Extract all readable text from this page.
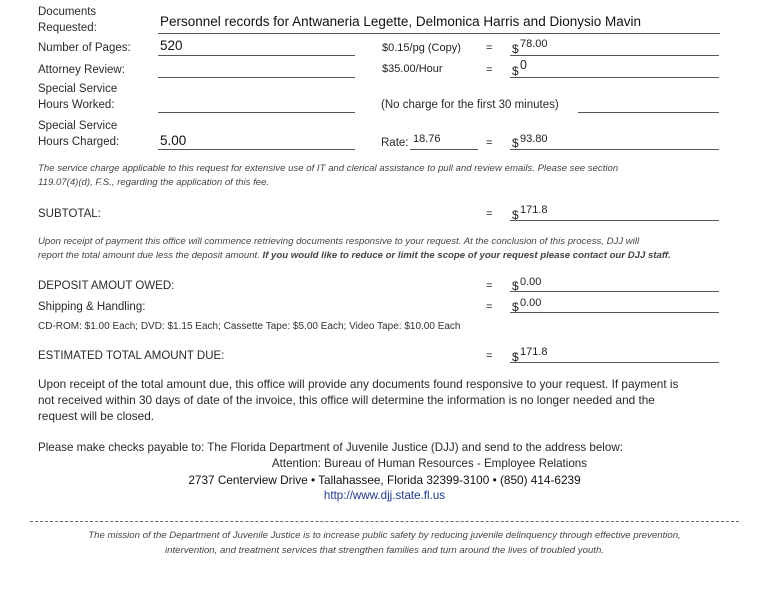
Documents
Requested:	Personnel records for Antwaneria Legette, Delmonica Harris and Dionysio Mavin
Number of Pages: 520	$0.15/pg (Copy) = $ 78.00
Attorney Review:	$35.00/Hour	= $ 0
Special Service
Hours Worked:	(No charge for the first 30 minutes)
Special Service
Hours Charged:	5.00	Rate: 18.76	= $ 93.80
The service charge applicable to this request for extensive use of IT and clerical assistance to pull and review emails. Please see section
119.07(4)(d), F.S., regarding the application of this fee.
SUBTOTAL:	= $ 171.8
Upon receipt of payment this office will commence retrieving documents responsive to your request. At the conclusion of this process, DJJ will
report the total amount due less the deposit amount. If you would like to reduce or limit the scope of your request please contact our DJJ staff.
DEPOSIT AMOUT OWED:	= $ 0.00
Shipping & Handling:	= $ 0.00
CD-ROM: $1.00 Each; DVD: $1.15 Each; Cassette Tape: $5.00 Each; Video Tape: $10.00 Each
ESTIMATED TOTAL AMOUNT DUE:	= $ 171.8
Upon receipt of the total amount due, this office will provide any documents found responsive to your request. If payment is
not received within 30 days of date of the invoice, this office will determine the information is no longer needed and the
request will be closed.
Please make checks payable to: The Florida Department of Juvenile Justice (DJJ) and send to the address below:
Attention: Bureau of Human Resources - Employee Relations
2737 Centerview Drive • Tallahassee, Florida 32399-3100 • (850) 414-6239
http://www.djj.state.fl.us
The mission of the Department of Juvenile Justice is to increase public safety by reducing juvenile delinquency through effective prevention,
intervention, and treatment services that strengthen families and turn around the lives of troubled youth.
